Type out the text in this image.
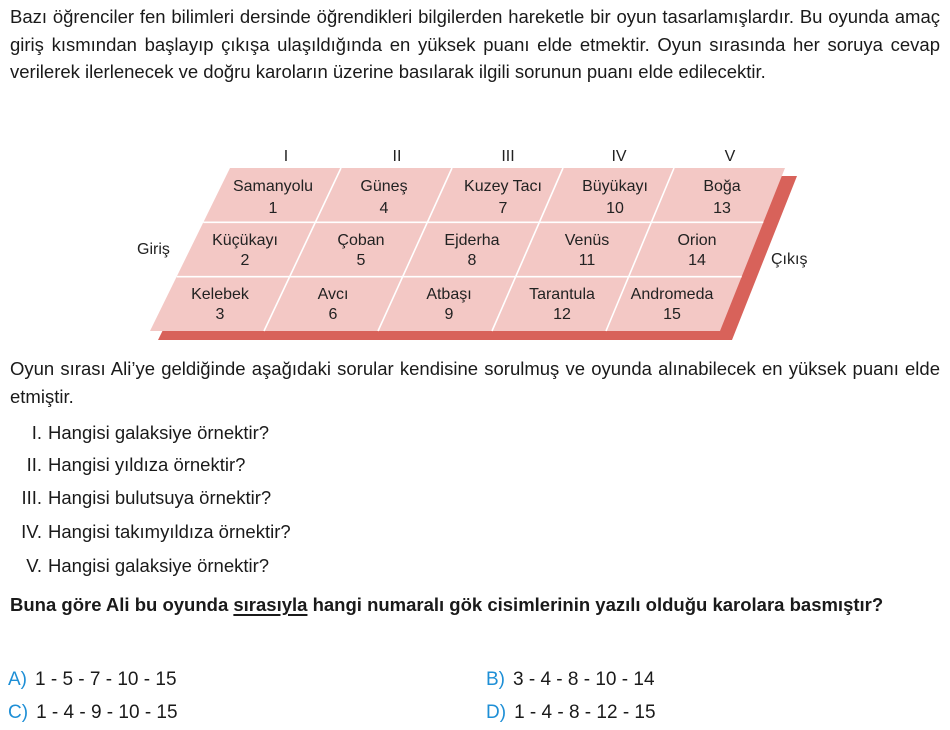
Bazı öğrenciler fen bilimleri dersinde öğrendikleri bilgilerden hareketle bir oyun tasarlamışlardır. Bu oyunda amaç giriş kısmından başlayıp çıkışa ulaşıldığında en yüksek puanı elde etmektir. Oyun sırasında her soruya cevap verilerek ilerlenecek ve doğru karoların üzerine basılarak ilgili sorunun puanı elde edilecektir.
I	II	III	IV	V
Giriş
Çıkış
Samanyolu
1
Güneş
4
Kuzey Tacı
7
Büyükayı
10
Boğa
13
Küçükayı
2
Çoban
5
Ejderha
8
Venüs
11
Orion
14
Kelebek
3
Avcı
6
Atbaşı
9
Tarantula
12
Andromeda
15
Oyun sırası Ali’ye geldiğinde aşağıdaki sorular kendisine sorulmuş ve oyunda alınabilecek en yüksek puanı elde etmiştir.
I. Hangisi galaksiye örnektir?
II. Hangisi yıldıza örnektir?
III. Hangisi bulutsuya örnektir?
IV. Hangisi takımyıldıza örnektir?
V. Hangisi galaksiye örnektir?
Buna göre Ali bu oyunda sırasıyla hangi numaralı gök cisimlerinin yazılı olduğu karolara basmıştır?
A) 1 - 5 - 7 - 10 - 15	B) 3 - 4 - 8 - 10 - 14
C) 1 - 4 - 9 - 10 - 15	D) 1 - 4 - 8 - 12 - 15
